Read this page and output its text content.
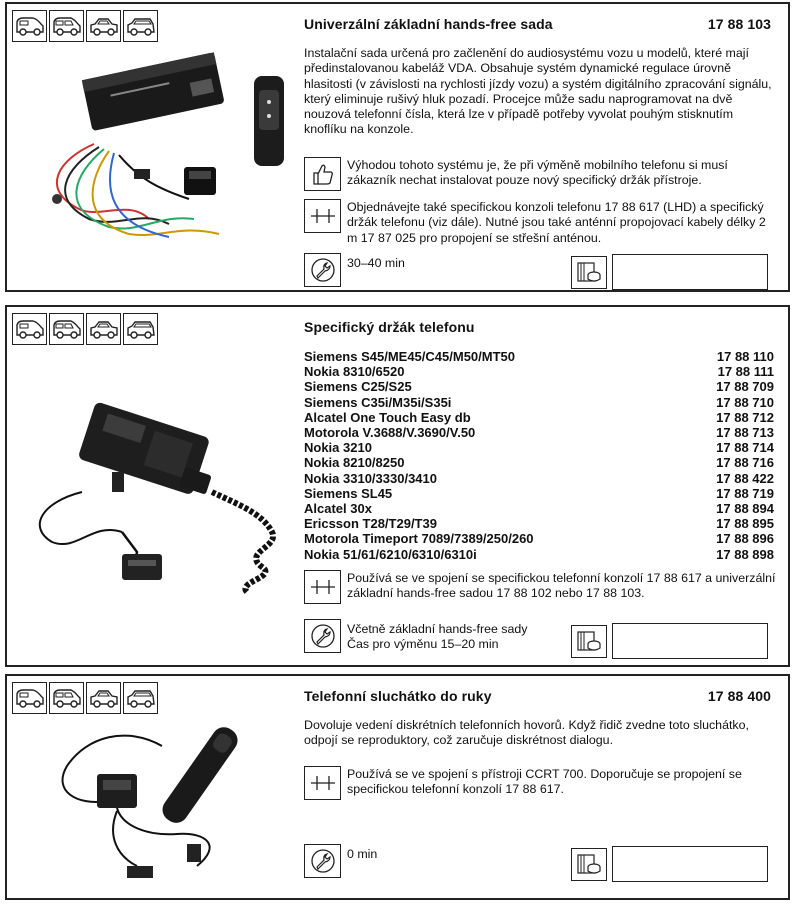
Univerzální základní hands-free sada	17 88 103

Instalační sada určená pro začlenění do audiosystému vozu u modelů, které mají předinstalovanou kabeláž VDA. Obsahuje systém dynamické regulace úrovně hlasitosti (v závislosti na rychlosti jízdy vozu) a systém digitálního zpracování signálu, který eliminuje rušivý hluk pozadí. Procejce může sadu naprogramovat na dvě nouzová telefonní čísla, která lze v případě potřeby vyvolat pouhým stisknutím knoflíku na konzole.

Výhodou tohoto systému je, že při výměně mobilního telefonu si musí zákazník nechat instalovat pouze nový specifický držák přístroje.

Objednávejte také specifickou konzoli telefonu 17 88 617 (LHD) a specifický držák telefonu (viz dále). Nutné jsou také anténní propojovací kabely délky 2 m 17 87 025 pro propojení se střešní anténou.

30–40 min

Specifický držák telefonu
Siemens S45/ME45/C45/M50/MT50	17 88 110
Nokia 8310/6520	17 88 111
Siemens C25/S25	17 88 709
Siemens C35i/M35i/S35i	17 88 710
Alcatel One Touch Easy db	17 88 712
Motorola V.3688/V.3690/V.50	17 88 713
Nokia 3210	17 88 714
Nokia 8210/8250	17 88 716
Nokia 3310/3330/3410	17 88 422
Siemens SL45	17 88 719
Alcatel 30x	17 88 894
Ericsson T28/T29/T39	17 88 895
Motorola Timeport 7089/7389/250/260	17 88 896
Nokia 51/61/6210/6310/6310i	17 88 898

Používá se ve spojení se specifickou telefonní konzolí 17 88 617 a univerzální základní hands-free sadou 17 88 102 nebo 17 88 103.

Včetně základní hands-free sady
Čas pro výměnu 15–20 min

Telefonní sluchátko do ruky	17 88 400

Dovoluje vedení diskrétních telefonních hovorů. Když řidič zvedne toto sluchátko, odpojí se reproduktory, což zaručuje diskrétnost dialogu.

Používá se ve spojení s přístroji CCRT 700. Doporučuje se propojení se specifickou telefonní konzolí 17 88 617.

0 min
